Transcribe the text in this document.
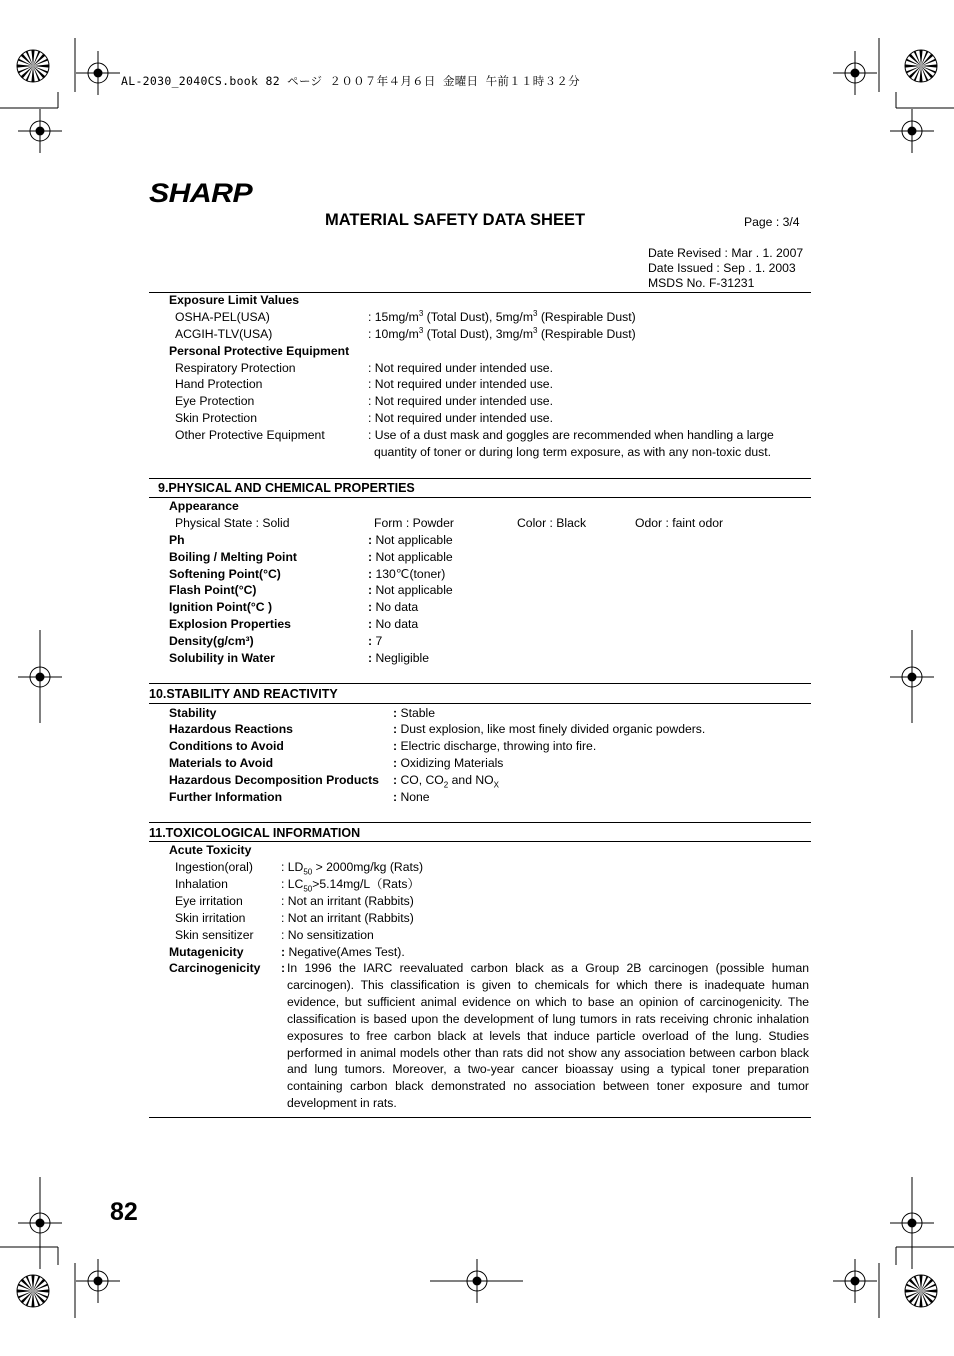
AL-2030_2040CS.book 82 ページ ２００７年４月６日 金曜日 午前１１時３２分
SHARP
MATERIAL SAFETY DATA SHEET	Page : 3/4
Date Revised : Mar . 1. 2007
Date Issued : Sep . 1. 2003
MSDS No. F-31231
Exposure Limit Values
OSHA-PEL(USA)	: $15mg/m^3$ (Total Dust), $5mg/m^3$ (Respirable Dust)
ACGIH-TLV(USA)	: $10mg/m^3$ (Total Dust), $3mg/m^3$ (Respirable Dust)
Personal Protective Equipment
Respiratory Protection	: Not required under intended use.
Hand Protection	: Not required under intended use.
Eye Protection	: Not required under intended use.
Skin Protection	: Not required under intended use.
Other Protective Equipment	: Use of a dust mask and goggles are recommended when handling a large
quantity of toner or during long term exposure, as with any non-toxic dust.
9.PHYSICAL AND CHEMICAL PROPERTIES
Appearance
Physical State : Solid	Form : Powder	Color : Black	Odor : faint odor
Ph	: Not applicable
Boiling / Melting Point	: Not applicable
Softening Point(°C)	: 130℃(toner)
Flash Point(°C)	: Not applicable
Ignition Point(°C )	: No data
Explosion Properties	: No data
Density(g/cm³)	: 7
Solubility in Water	: Negligible
10.STABILITY AND REACTIVITY
Stability	: Stable
Hazardous Reactions	: Dust explosion, like most finely divided organic powders.
Conditions to Avoid	: Electric discharge, throwing into fire.
Materials to Avoid	: Oxidizing Materials
Hazardous Decomposition Products : CO, $CO_2$ and $NO_X$
Further Information	: None
11.TOXICOLOGICAL INFORMATION
Acute Toxicity
Ingestion(oral) : $LD_{50} > 2000mg/kg$ (Rats)
Inhalation	: $LC_{50}>5.14mg/L(Rats)$
Eye irritation	: Not an irritant (Rabbits)
Skin irritation	: Not an irritant (Rabbits)
Skin sensitizer : No sensitization
Mutagenicity	: Negative(Ames Test).
Carcinogenicity : In 1996 the IARC reevaluated carbon black as a Group 2B carcinogen (possible human carcinogen). This classification is given to chemicals for which there is inadequate human evidence, but sufficient animal evidence on which to base an opinion of carcinogenicity. The classification is based upon the development of lung tumors in rats receiving chronic inhalation exposures to free carbon black at levels that induce particle overload of the lung. Studies performed in animal models other than rats did not show any association between carbon black and lung tumors. Moreover, a two-year cancer bioassay using a typical toner preparation containing carbon black demonstrated no association between toner exposure and tumor development in rats.
82
